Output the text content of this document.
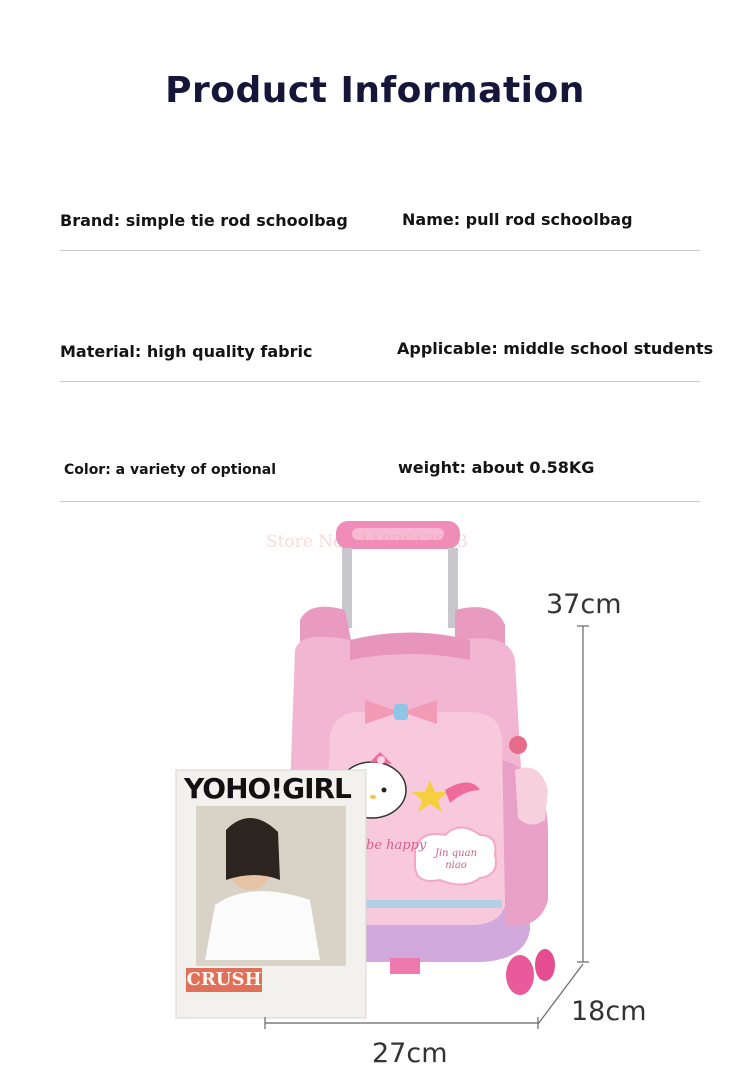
Product Information
Brand: simple tie rod schoolbag	Name: pull rod schoolbag
Material: high quality fabric	Applicable: middle school students
Color: a variety of optional	weight: about 0.58KG
Store No.: 1102613013
YOHO!GIRL
CRUSH
be happy
Jin quan niao
37cm
18cm
27cm
